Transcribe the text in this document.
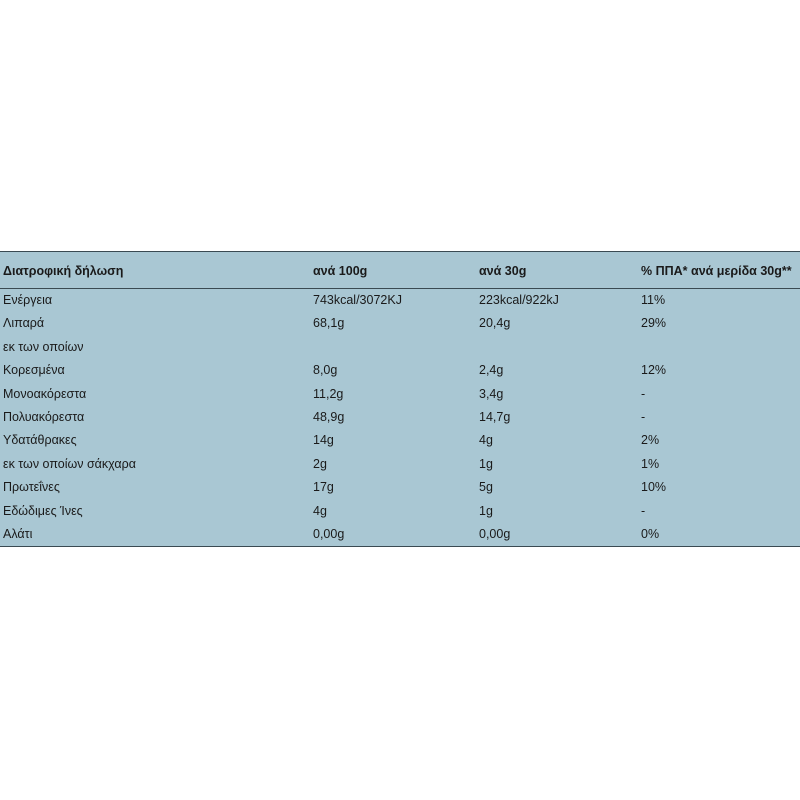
Διατροφική δήλωση	ανά 100g	ανά 30g	% ΠΠΑ* ανά μερίδα 30g**
Ενέργεια	743kcal/3072KJ	223kcal/922kJ	11%
Λιπαρά	68,1g	20,4g	29%
εκ των οποίων
Κορεσμένα	8,0g	2,4g	12%
Μονοακόρεστα	11,2g	3,4g	-
Πολυακόρεστα	48,9g	14,7g	-
Υδατάθρακες	14g	4g	2%
εκ των οποίων σάκχαρα	2g	1g	1%
Πρωτεΐνες	17g	5g	10%
Εδώδιμες Ίνες	4g	1g	-
Αλάτι	0,00g	0,00g	0%
